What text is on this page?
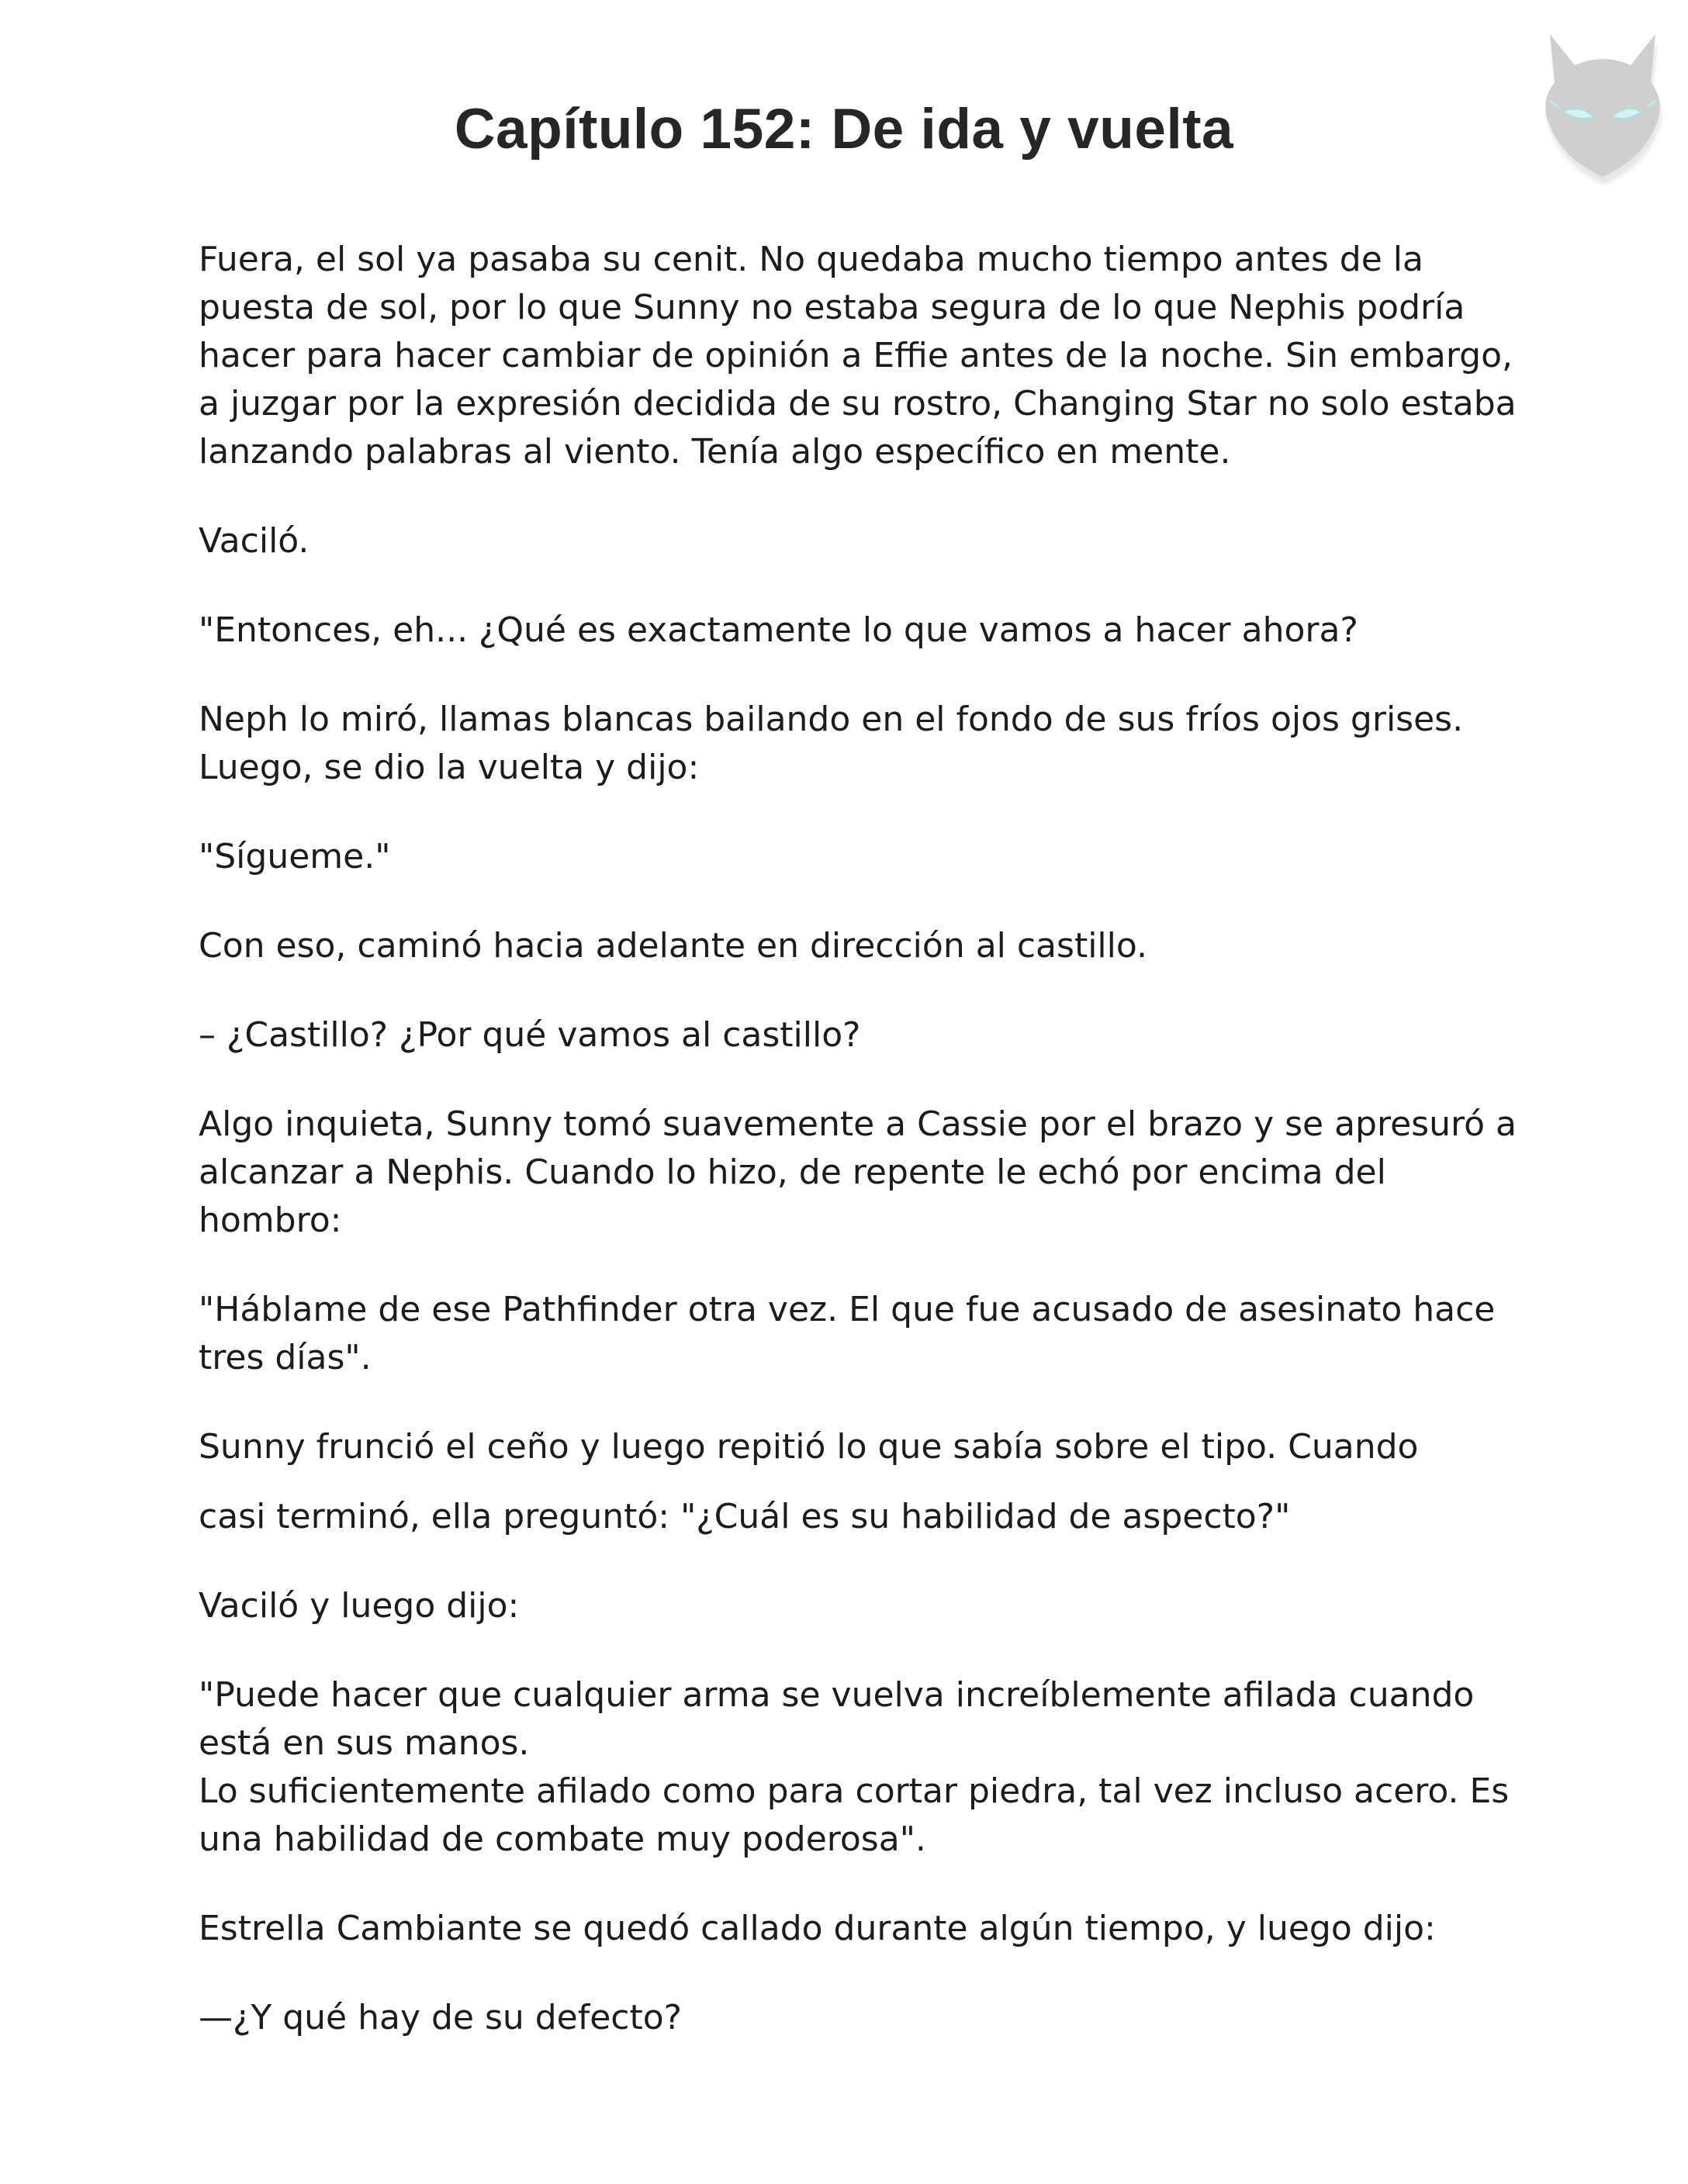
Capítulo 152: De ida y vuelta

Fuera, el sol ya pasaba su cenit. No quedaba mucho tiempo antes de la
puesta de sol, por lo que Sunny no estaba segura de lo que Nephis podría
hacer para hacer cambiar de opinión a Effie antes de la noche. Sin embargo,
a juzgar por la expresión decidida de su rostro, Changing Star no solo estaba
lanzando palabras al viento. Tenía algo específico en mente.

Vaciló.

"Entonces, eh... ¿Qué es exactamente lo que vamos a hacer ahora?

Neph lo miró, llamas blancas bailando en el fondo de sus fríos ojos grises.
Luego, se dio la vuelta y dijo:

"Sígueme."

Con eso, caminó hacia adelante en dirección al castillo.

– ¿Castillo? ¿Por qué vamos al castillo?

Algo inquieta, Sunny tomó suavemente a Cassie por el brazo y se apresuró a
alcanzar a Nephis. Cuando lo hizo, de repente le echó por encima del
hombro:

"Háblame de ese Pathfinder otra vez. El que fue acusado de asesinato hace
tres días".

Sunny frunció el ceño y luego repitió lo que sabía sobre el tipo. Cuando
casi terminó, ella preguntó: "¿Cuál es su habilidad de aspecto?"

Vaciló y luego dijo:

"Puede hacer que cualquier arma se vuelva increíblemente afilada cuando
está en sus manos.
Lo suficientemente afilado como para cortar piedra, tal vez incluso acero. Es
una habilidad de combate muy poderosa".

Estrella Cambiante se quedó callado durante algún tiempo, y luego dijo:

—¿Y qué hay de su defecto?
